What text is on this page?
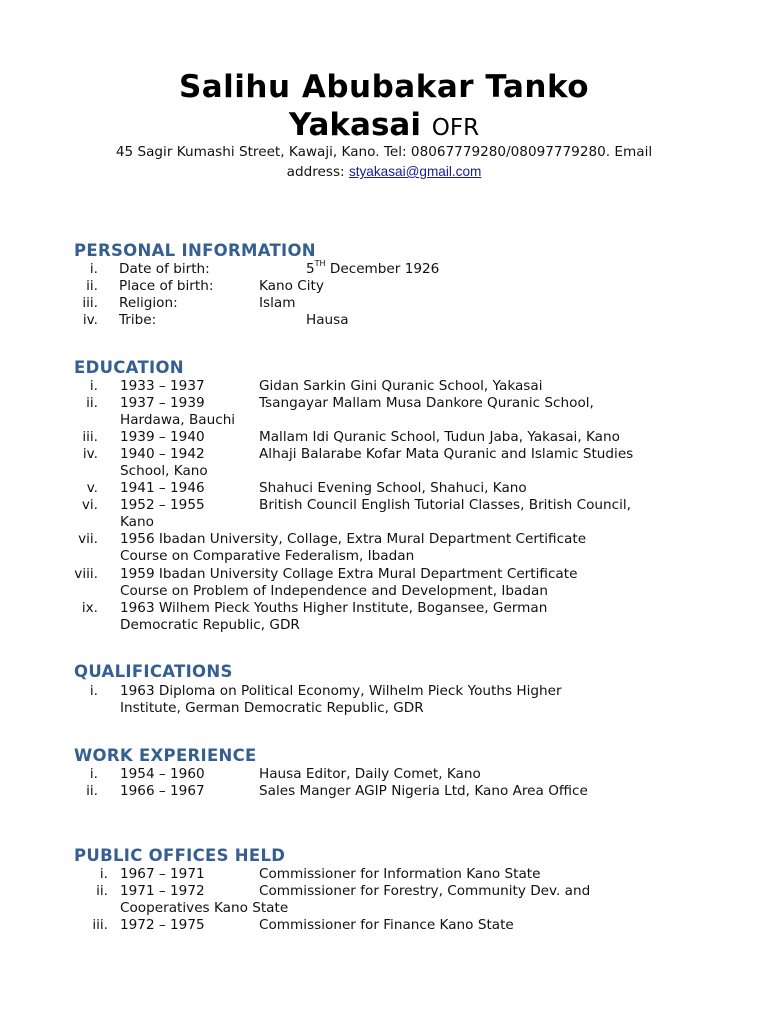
Salihu Abubakar Tanko
Yakasai OFR
45 Sagir Kumashi Street, Kawaji, Kano. Tel: 08067779280/08097779280. Email
address: styakasai@gmail.com
PERSONAL INFORMATION
i. Date of birth:	5TH December 1926
ii. Place of birth:	Kano City
iii. Religion:	Islam
iv. Tribe:	Hausa
EDUCATION
i. 1933 – 1937	Gidan Sarkin Gini Quranic School, Yakasai
ii. 1937 – 1939	Tsangayar Mallam Musa Dankore Quranic School,
Hardawa, Bauchi
iii. 1939 – 1940	Mallam Idi Quranic School, Tudun Jaba, Yakasai, Kano
iv. 1940 – 1942	Alhaji Balarabe Kofar Mata Quranic and Islamic Studies
School, Kano
v. 1941 – 1946	Shahuci Evening School, Shahuci, Kano
vi. 1952 – 1955	British Council English Tutorial Classes, British Council,
Kano
vii. 1956 Ibadan University, Collage, Extra Mural Department Certificate
Course on Comparative Federalism, Ibadan
viii. 1959 Ibadan University Collage Extra Mural Department Certificate
Course on Problem of Independence and Development, Ibadan
ix. 1963 Wilhem Pieck Youths Higher Institute, Bogansee, German
Democratic Republic, GDR
QUALIFICATIONS
i. 1963 Diploma on Political Economy, Wilhelm Pieck Youths Higher
Institute, German Democratic Republic, GDR
WORK EXPERIENCE
i. 1954 – 1960	Hausa Editor, Daily Comet, Kano
ii. 1966 – 1967	Sales Manger AGIP Nigeria Ltd, Kano Area Office
PUBLIC OFFICES HELD
i. 1967 – 1971	Commissioner for Information Kano State
ii. 1971 – 1972	Commissioner for Forestry, Community Dev. and
Cooperatives Kano State
iii. 1972 – 1975	Commissioner for Finance Kano State
